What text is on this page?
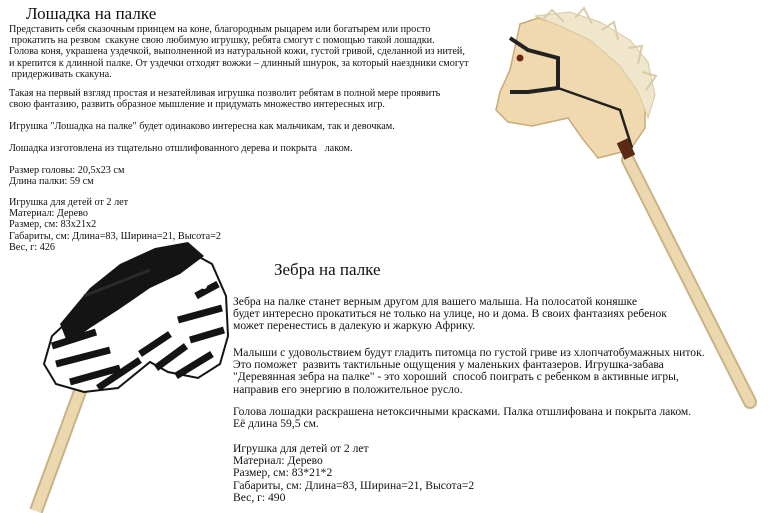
Лошадка на палке
Представить себя сказочным принцем на коне, благородным рыцарем или богатырем или просто
прокатить на резвом  скакуне свою любимую игрушку, ребята смогут с помощью такой лошадки.
Голова коня, украшена уздечкой, выполненной из натуральной кожи, густой гривой, сделанной из нитей,
и крепится к длинной палке. От уздечки отходят вожжи – длинный шнурок, за который наездники смогут
придерживать скакуна.
Такая на первый взгляд простая и незатейливая игрушка позволит ребятам в полной мере проявить
свою фантазию, развить образное мышление и придумать множество интересных игр.
Игрушка "Лошадка на палке" будет одинаково интересна как мальчикам, так и девочкам.
Лошадка изготовлена из тщательно отшлифованного дерева и покрыта   лаком.
Размер головы: 20,5х23 см
Длина палки: 59 см
Игрушка для детей от 2 лет
Материал: Дерево
Размер, см: 83x21x2
Габариты, см: Длина=83, Ширина=21, Высота=2
Вес, г: 426
Зебра на палке
Зебра на палке станет верным другом для вашего малыша. На полосатой коняшке
будет интересно прокатиться не только на улице, но и дома. В своих фантазиях ребенок
может перенестись в далекую и жаркую Африку.
Малыши с удовольствием будут гладить питомца по густой гриве из хлопчатобумажных ниток.
Это поможет  развить тактильные ощущения у маленьких фантазеров. Игрушка-забава
"Деревянная зебра на палке" - это хороший  способ поиграть с ребенком в активные игры,
направив его энергию в положительное русло.
Голова лошадки раскрашена нетоксичными красками. Палка отшлифована и покрыта лаком.
Её длина 59,5 см.
Игрушка для детей от 2 лет
Материал: Дерево
Размер, см: 83*21*2
Габариты, см: Длина=83, Ширина=21, Высота=2
Вес, г: 490
